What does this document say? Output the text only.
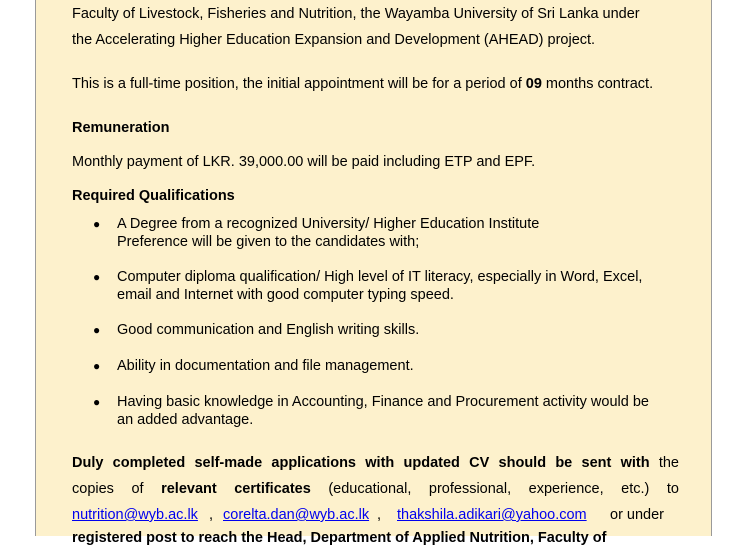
Faculty of Livestock, Fisheries and Nutrition, the Wayamba University of Sri Lanka under
the Accelerating Higher Education Expansion and Development (AHEAD) project.
This is a full-time position, the initial appointment will be for a period of 09 months contract.
Remuneration
Monthly payment of LKR. 39,000.00 will be paid including ETP and EPF.
Required Qualifications
● A Degree from a recognized University/ Higher Education Institute
Preference will be given to the candidates with;
● Computer diploma qualification/ High level of IT literacy, especially in Word, Excel,
email and Internet with good computer typing speed.
● Good communication and English writing skills.
● Ability in documentation and file management.
● Having basic knowledge in Accounting, Finance and Procurement activity would be
an added advantage.
Duly completed self-made applications with updated CV should be sent with the
copies of relevant certificates (educational, professional, experience, etc.) to
nutrition@wyb.ac.lk , corelta.dan@wyb.ac.lk , thakshila.adikari@yahoo.com or under
registered post to reach the Head, Department of Applied Nutrition, Faculty of
